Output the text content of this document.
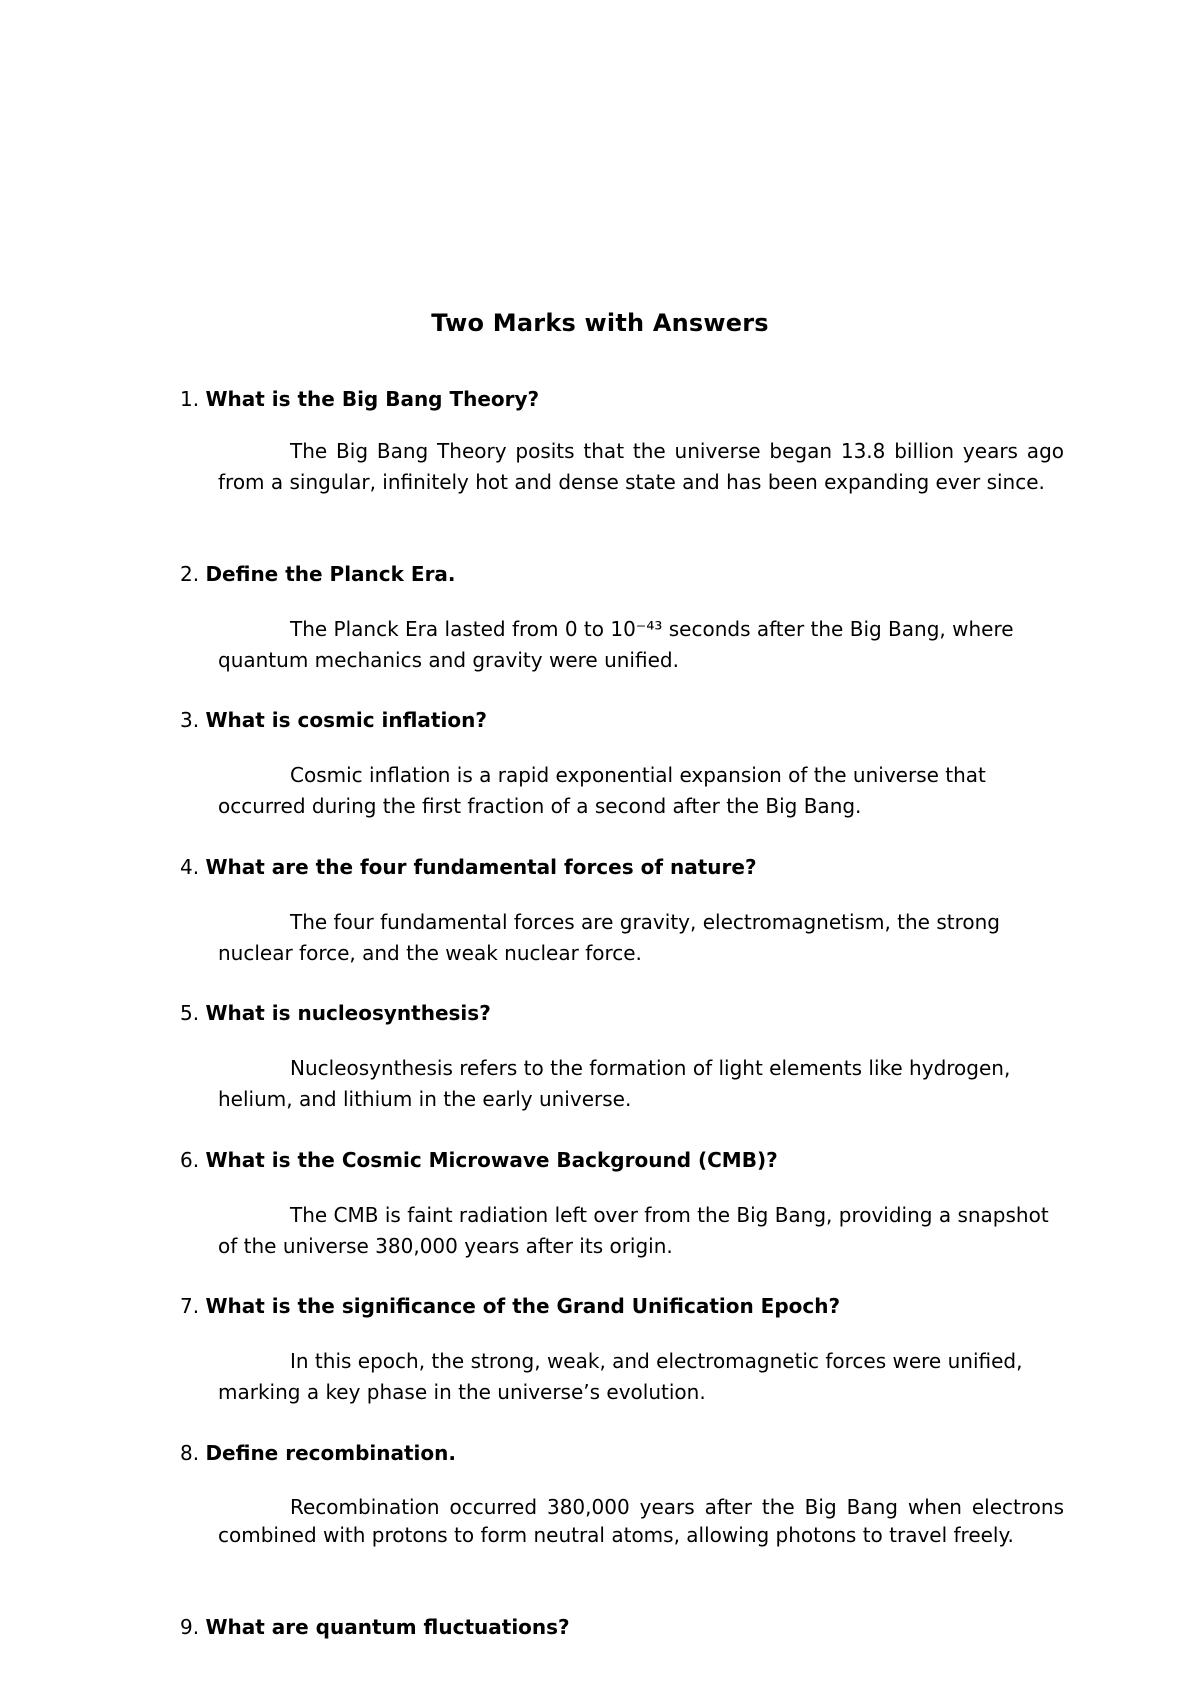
Two Marks with Answers
1. What is the Big Bang Theory?
The Big Bang Theory posits that the universe began 13.8 billion years ago from a singular, infinitely hot and dense state and has been expanding ever since.
2. Define the Planck Era.
The Planck Era lasted from 0 to 10⁻⁴³ seconds after the Big Bang, where quantum mechanics and gravity were unified.
3. What is cosmic inflation?
Cosmic inflation is a rapid exponential expansion of the universe that occurred during the first fraction of a second after the Big Bang.
4. What are the four fundamental forces of nature?
The four fundamental forces are gravity, electromagnetism, the strong nuclear force, and the weak nuclear force.
5. What is nucleosynthesis?
Nucleosynthesis refers to the formation of light elements like hydrogen, helium, and lithium in the early universe.
6. What is the Cosmic Microwave Background (CMB)?
The CMB is faint radiation left over from the Big Bang, providing a snapshot of the universe 380,000 years after its origin.
7. What is the significance of the Grand Unification Epoch?
In this epoch, the strong, weak, and electromagnetic forces were unified, marking a key phase in the universe’s evolution.
8. Define recombination.
Recombination occurred 380,000 years after the Big Bang when electrons combined with protons to form neutral atoms, allowing photons to travel freely.
9. What are quantum fluctuations?
